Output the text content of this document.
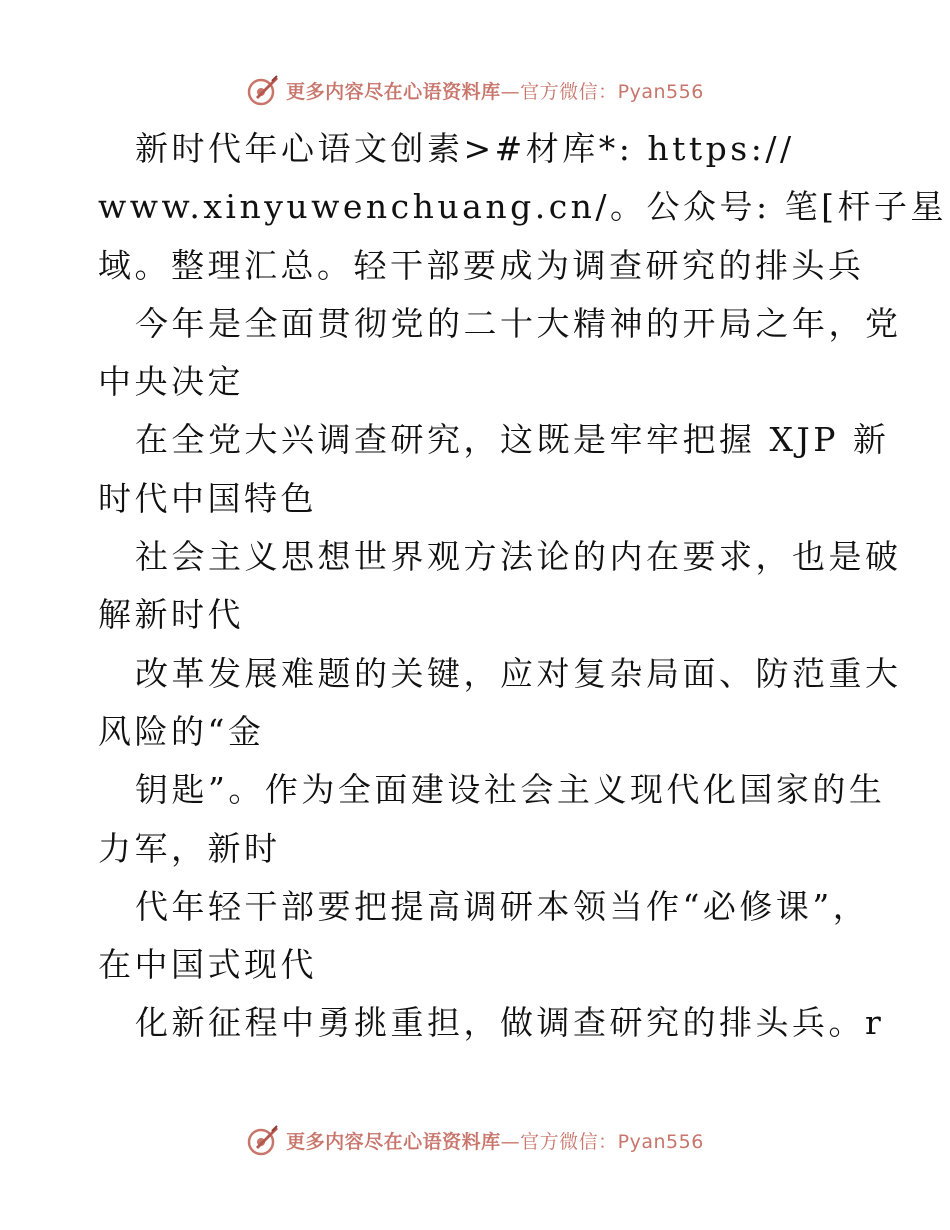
更多内容尽在心语资料库—官方微信：Pyan556
新时代年心语文创素>#材库*: https://
www.xinyuwenchuang.cn/。公众号: 笔[杆子星
域。整理汇总。轻干部要成为调查研究的排头兵
今年是全面贯彻党的二十大精神的开局之年，党
中央决定
在全党大兴调查研究，这既是牢牢把握 XJP 新
时代中国特色
社会主义思想世界观方法论的内在要求，也是破
解新时代
改革发展难题的关键，应对复杂局面、防范重大
风险的“金
钥匙”。作为全面建设社会主义现代化国家的生
力军，新时
代年轻干部要把提高调研本领当作“必修课”，
在中国式现代
化新征程中勇挑重担，做调查研究的排头兵。r
更多内容尽在心语资料库—官方微信：Pyan556
